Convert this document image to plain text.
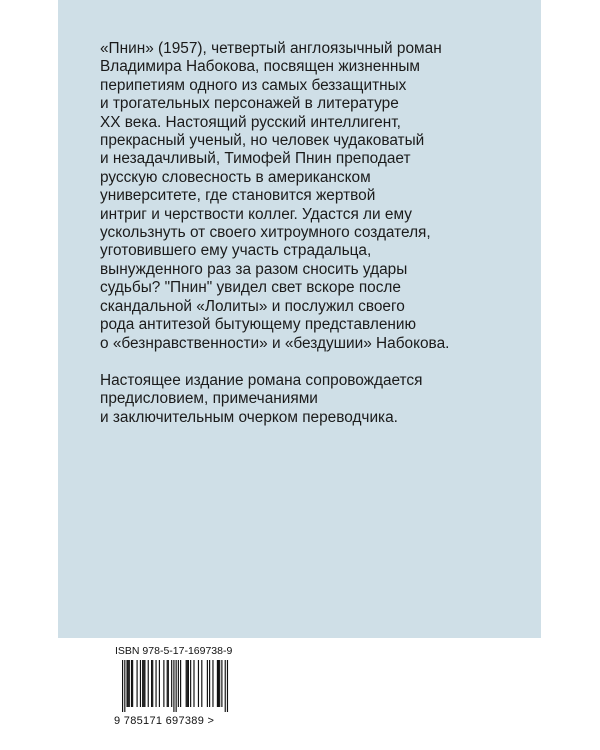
«Пнин» (1957), четвертый англоязычный роман
Владимира Набокова, посвящен жизненным
перипетиям одного из самых беззащитных
и трогательных персонажей в литературе
XX века. Настоящий русский интеллигент,
прекрасный ученый, но человек чудаковатый
и незадачливый, Тимофей Пнин преподает
русскую словесность в американском
университете, где становится жертвой
интриг и черствости коллег. Удастся ли ему
ускользнуть от своего хитроумного создателя,
уготовившего ему участь страдальца,
вынужденного раз за разом сносить удары
судьбы? "Пнин" увидел свет вскоре после
скандальной «Лолиты» и послужил своего
рода антитезой бытующему представлению
о «безнравственности» и «бездушии» Набокова.
Настоящее издание романа сопровождается
предисловием, примечаниями
и заключительным очерком переводчика.
ISBN 978-5-17-169738-9
9 785171 697389 >
